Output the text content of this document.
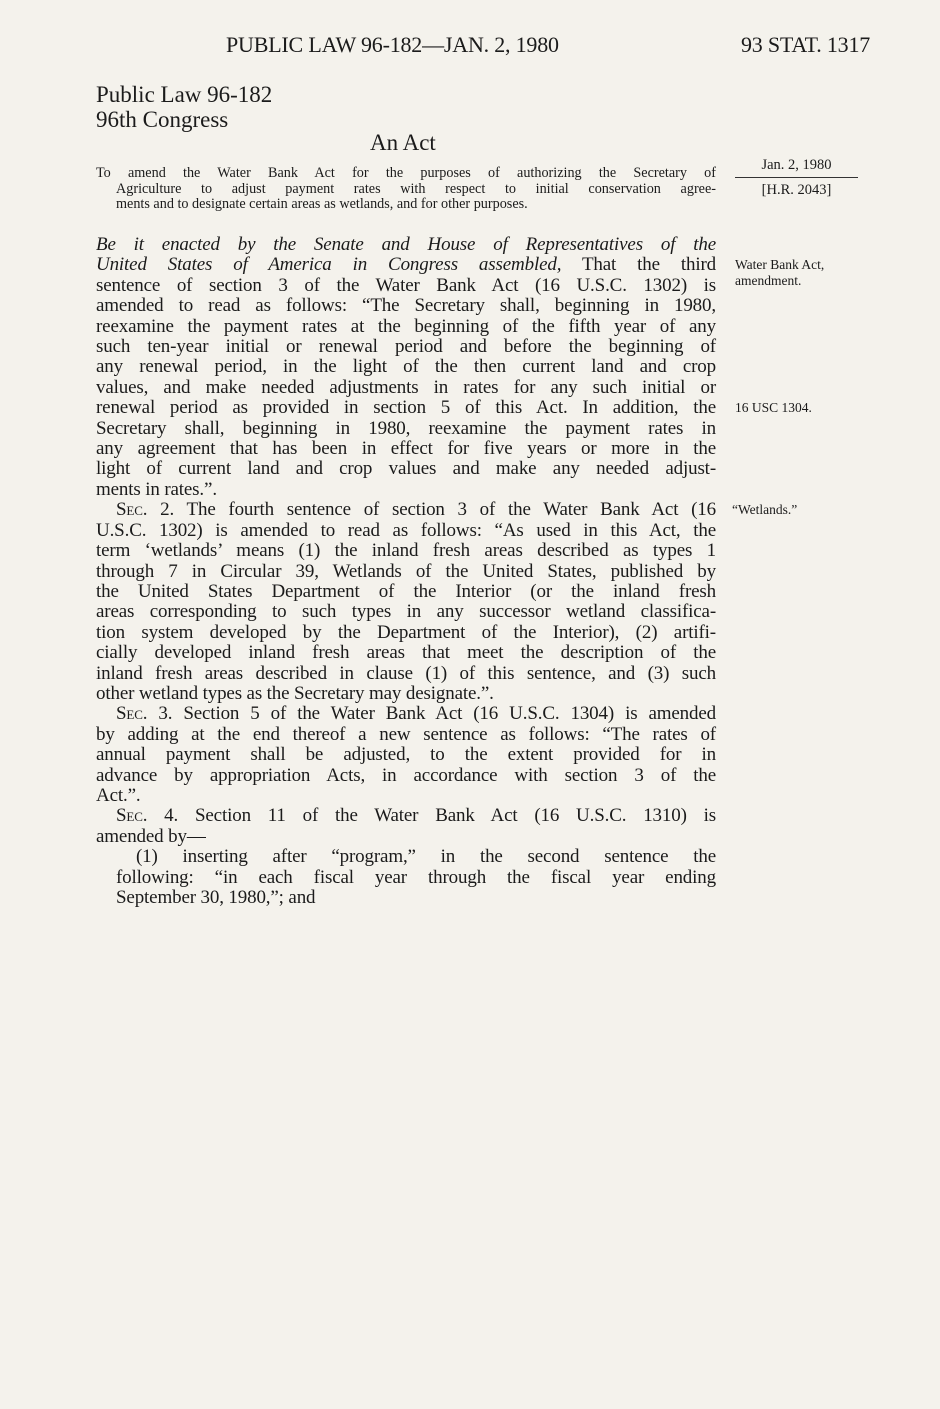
PUBLIC LAW 96-182—JAN. 2, 1980	93 STAT. 1317
Public Law 96-182
96th Congress
An Act
To amend the Water Bank Act for the purposes of authorizing the Secretary of
Agriculture to adjust payment rates with respect to initial conservation agree-
ments and to designate certain areas as wetlands, and for other purposes.
Jan. 2, 1980
[H.R. 2043]
Water Bank Act,
amendment.
16 USC 1304.
“Wetlands.”
Be it enacted by the Senate and House of Representatives of the
United States of America in Congress assembled, That the third
sentence of section 3 of the Water Bank Act (16 U.S.C. 1302) is
amended to read as follows: “The Secretary shall, beginning in 1980,
reexamine the payment rates at the beginning of the fifth year of any
such ten-year initial or renewal period and before the beginning of
any renewal period, in the light of the then current land and crop
values, and make needed adjustments in rates for any such initial or
renewal period as provided in section 5 of this Act. In addition, the
Secretary shall, beginning in 1980, reexamine the payment rates in
any agreement that has been in effect for five years or more in the
light of current land and crop values and make any needed adjust-
ments in rates.”.
Sec. 2. The fourth sentence of section 3 of the Water Bank Act (16
U.S.C. 1302) is amended to read as follows: “As used in this Act, the
term ‘wetlands’ means (1) the inland fresh areas described as types 1
through 7 in Circular 39, Wetlands of the United States, published by
the United States Department of the Interior (or the inland fresh
areas corresponding to such types in any successor wetland classifica-
tion system developed by the Department of the Interior), (2) artifi-
cially developed inland fresh areas that meet the description of the
inland fresh areas described in clause (1) of this sentence, and (3) such
other wetland types as the Secretary may designate.”.
Sec. 3. Section 5 of the Water Bank Act (16 U.S.C. 1304) is amended
by adding at the end thereof a new sentence as follows: “The rates of
annual payment shall be adjusted, to the extent provided for in
advance by appropriation Acts, in accordance with section 3 of the
Act.”.
Sec. 4. Section 11 of the Water Bank Act (16 U.S.C. 1310) is
amended by—
(1) inserting after “program,” in the second sentence the
following: “in each fiscal year through the fiscal year ending
September 30, 1980,”; and
